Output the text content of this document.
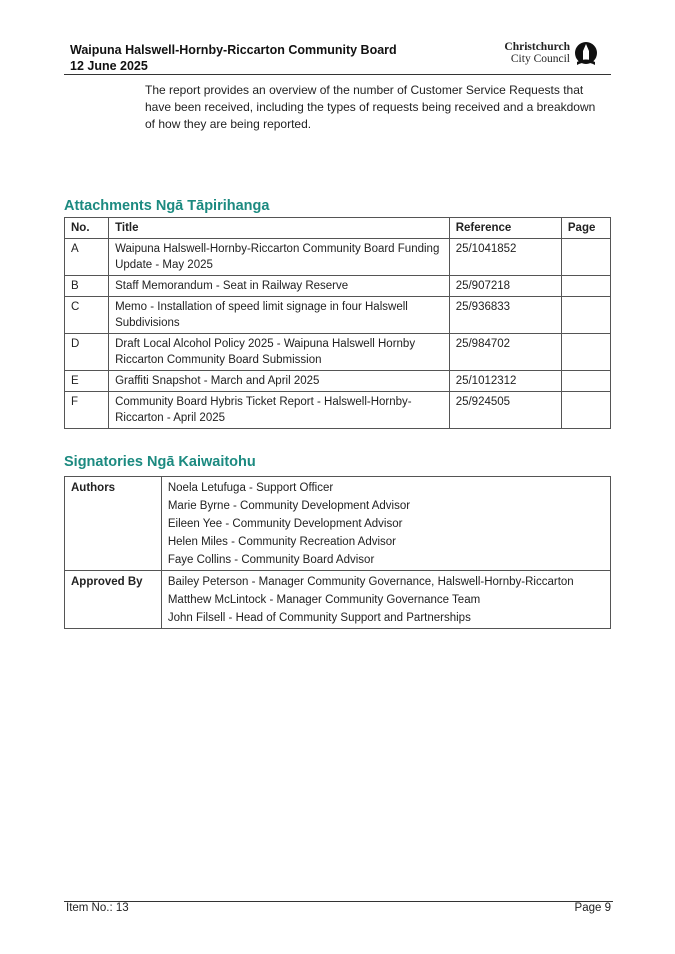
Waipuna Halswell-Hornby-Riccarton Community Board
12 June 2025
Christchurch
City Council
The report provides an overview of the number of Customer Service Requests that have been received, including the types of requests being received and a breakdown of how they are being reported.
Attachments Ngā Tāpirihanga
No.	Title	Reference	Page
A	Waipuna Halswell-Hornby-Riccarton Community Board Funding Update - May 2025	25/1041852	
B	Staff Memorandum - Seat in Railway Reserve	25/907218	
C	Memo - Installation of speed limit signage in four Halswell Subdivisions	25/936833	
D	Draft Local Alcohol Policy 2025 - Waipuna Halswell Hornby Riccarton Community Board Submission	25/984702	
E	Graffiti Snapshot - March and April 2025	25/1012312	
F	Community Board Hybris Ticket Report - Halswell-Hornby-Riccarton - April 2025	25/924505	
Signatories Ngā Kaiwaitohu
Authors	Noela Letufuga - Support Officer
Marie Byrne - Community Development Advisor
Eileen Yee - Community Development Advisor
Helen Miles - Community Recreation Advisor
Faye Collins - Community Board Advisor

Approved By	Bailey Peterson - Manager Community Governance, Halswell-Hornby-Riccarton
Matthew McLintock - Manager Community Governance Team
John Filsell - Head of Community Support and Partnerships
Item No.: 13	Page 9
